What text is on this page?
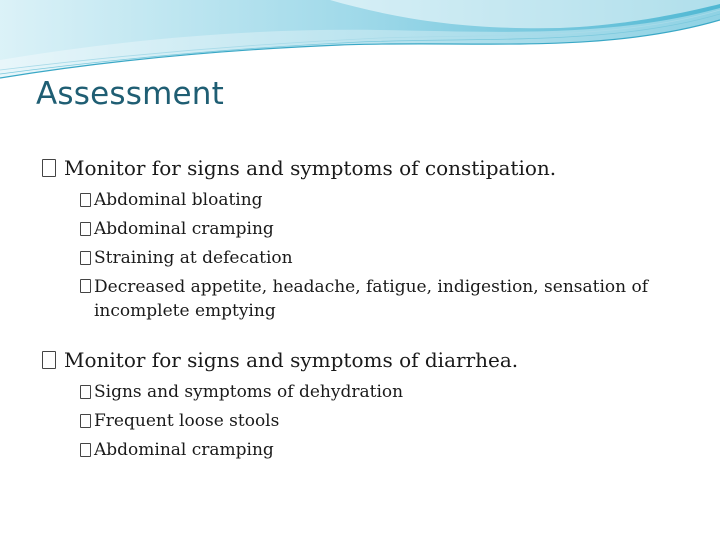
Assessment
Monitor for signs and symptoms of constipation.
Abdominal bloating
Abdominal cramping
Straining at defecation
Decreased appetite, headache, fatigue, indigestion, sensation of incomplete emptying
Monitor for signs and symptoms of diarrhea.
Signs and symptoms of dehydration
Frequent loose stools
Abdominal cramping
